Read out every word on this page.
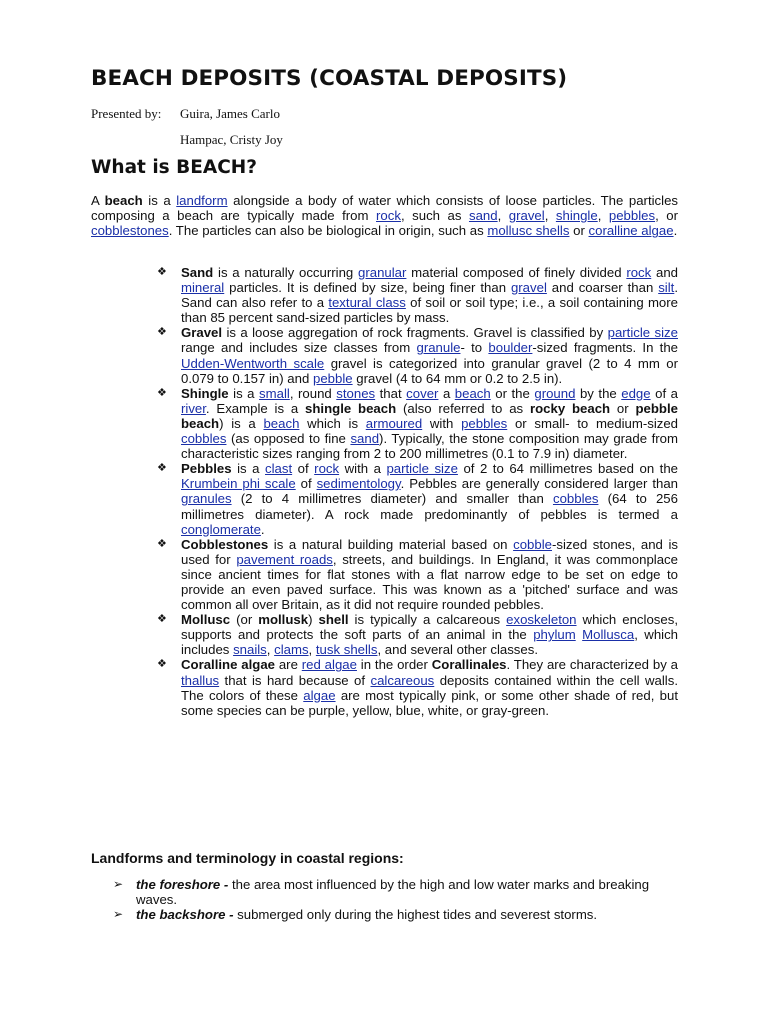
BEACH DEPOSITS (COASTAL DEPOSITS)
Presented by: Guira, James Carlo
Hampac, Cristy Joy
What is BEACH?

A beach is a landform alongside a body of water which consists of loose particles. The particles composing a beach are typically made from rock, such as sand, gravel, shingle, pebbles, or cobblestones. The particles can also be biological in origin, such as mollusc shells or coralline algae.

❖ Sand is a naturally occurring granular material composed of finely divided rock and mineral particles. It is defined by size, being finer than gravel and coarser than silt. Sand can also refer to a textural class of soil or soil type; i.e., a soil containing more than 85 percent sand-sized particles by mass.
❖ Gravel is a loose aggregation of rock fragments. Gravel is classified by particle size range and includes size classes from granule- to boulder-sized fragments. In the Udden-Wentworth scale gravel is categorized into granular gravel (2 to 4 mm or 0.079 to 0.157 in) and pebble gravel (4 to 64 mm or 0.2 to 2.5 in).
❖ Shingle is a small, round stones that cover a beach or the ground by the edge of a river. Example is a shingle beach (also referred to as rocky beach or pebble beach) is a beach which is armoured with pebbles or small- to medium-sized cobbles (as opposed to fine sand). Typically, the stone composition may grade from characteristic sizes ranging from 2 to 200 millimetres (0.1 to 7.9 in) diameter.
❖ Pebbles is a clast of rock with a particle size of 2 to 64 millimetres based on the Krumbein phi scale of sedimentology. Pebbles are generally considered larger than granules (2 to 4 millimetres diameter) and smaller than cobbles (64 to 256 millimetres diameter). A rock made predominantly of pebbles is termed a conglomerate.
❖ Cobblestones is a natural building material based on cobble-sized stones, and is used for pavement roads, streets, and buildings. In England, it was commonplace since ancient times for flat stones with a flat narrow edge to be set on edge to provide an even paved surface. This was known as a 'pitched' surface and was common all over Britain, as it did not require rounded pebbles.
❖ Mollusc (or mollusk) shell is typically a calcareous exoskeleton which encloses, supports and protects the soft parts of an animal in the phylum Mollusca, which includes snails, clams, tusk shells, and several other classes.
❖ Coralline algae are red algae in the order Corallinales. They are characterized by a thallus that is hard because of calcareous deposits contained within the cell walls. The colors of these algae are most typically pink, or some other shade of red, but some species can be purple, yellow, blue, white, or gray-green.
Landforms and terminology in coastal regions:
➢ the foreshore - the area most influenced by the high and low water marks and breaking waves.
➢ the backshore - submerged only during the highest tides and severest storms.
